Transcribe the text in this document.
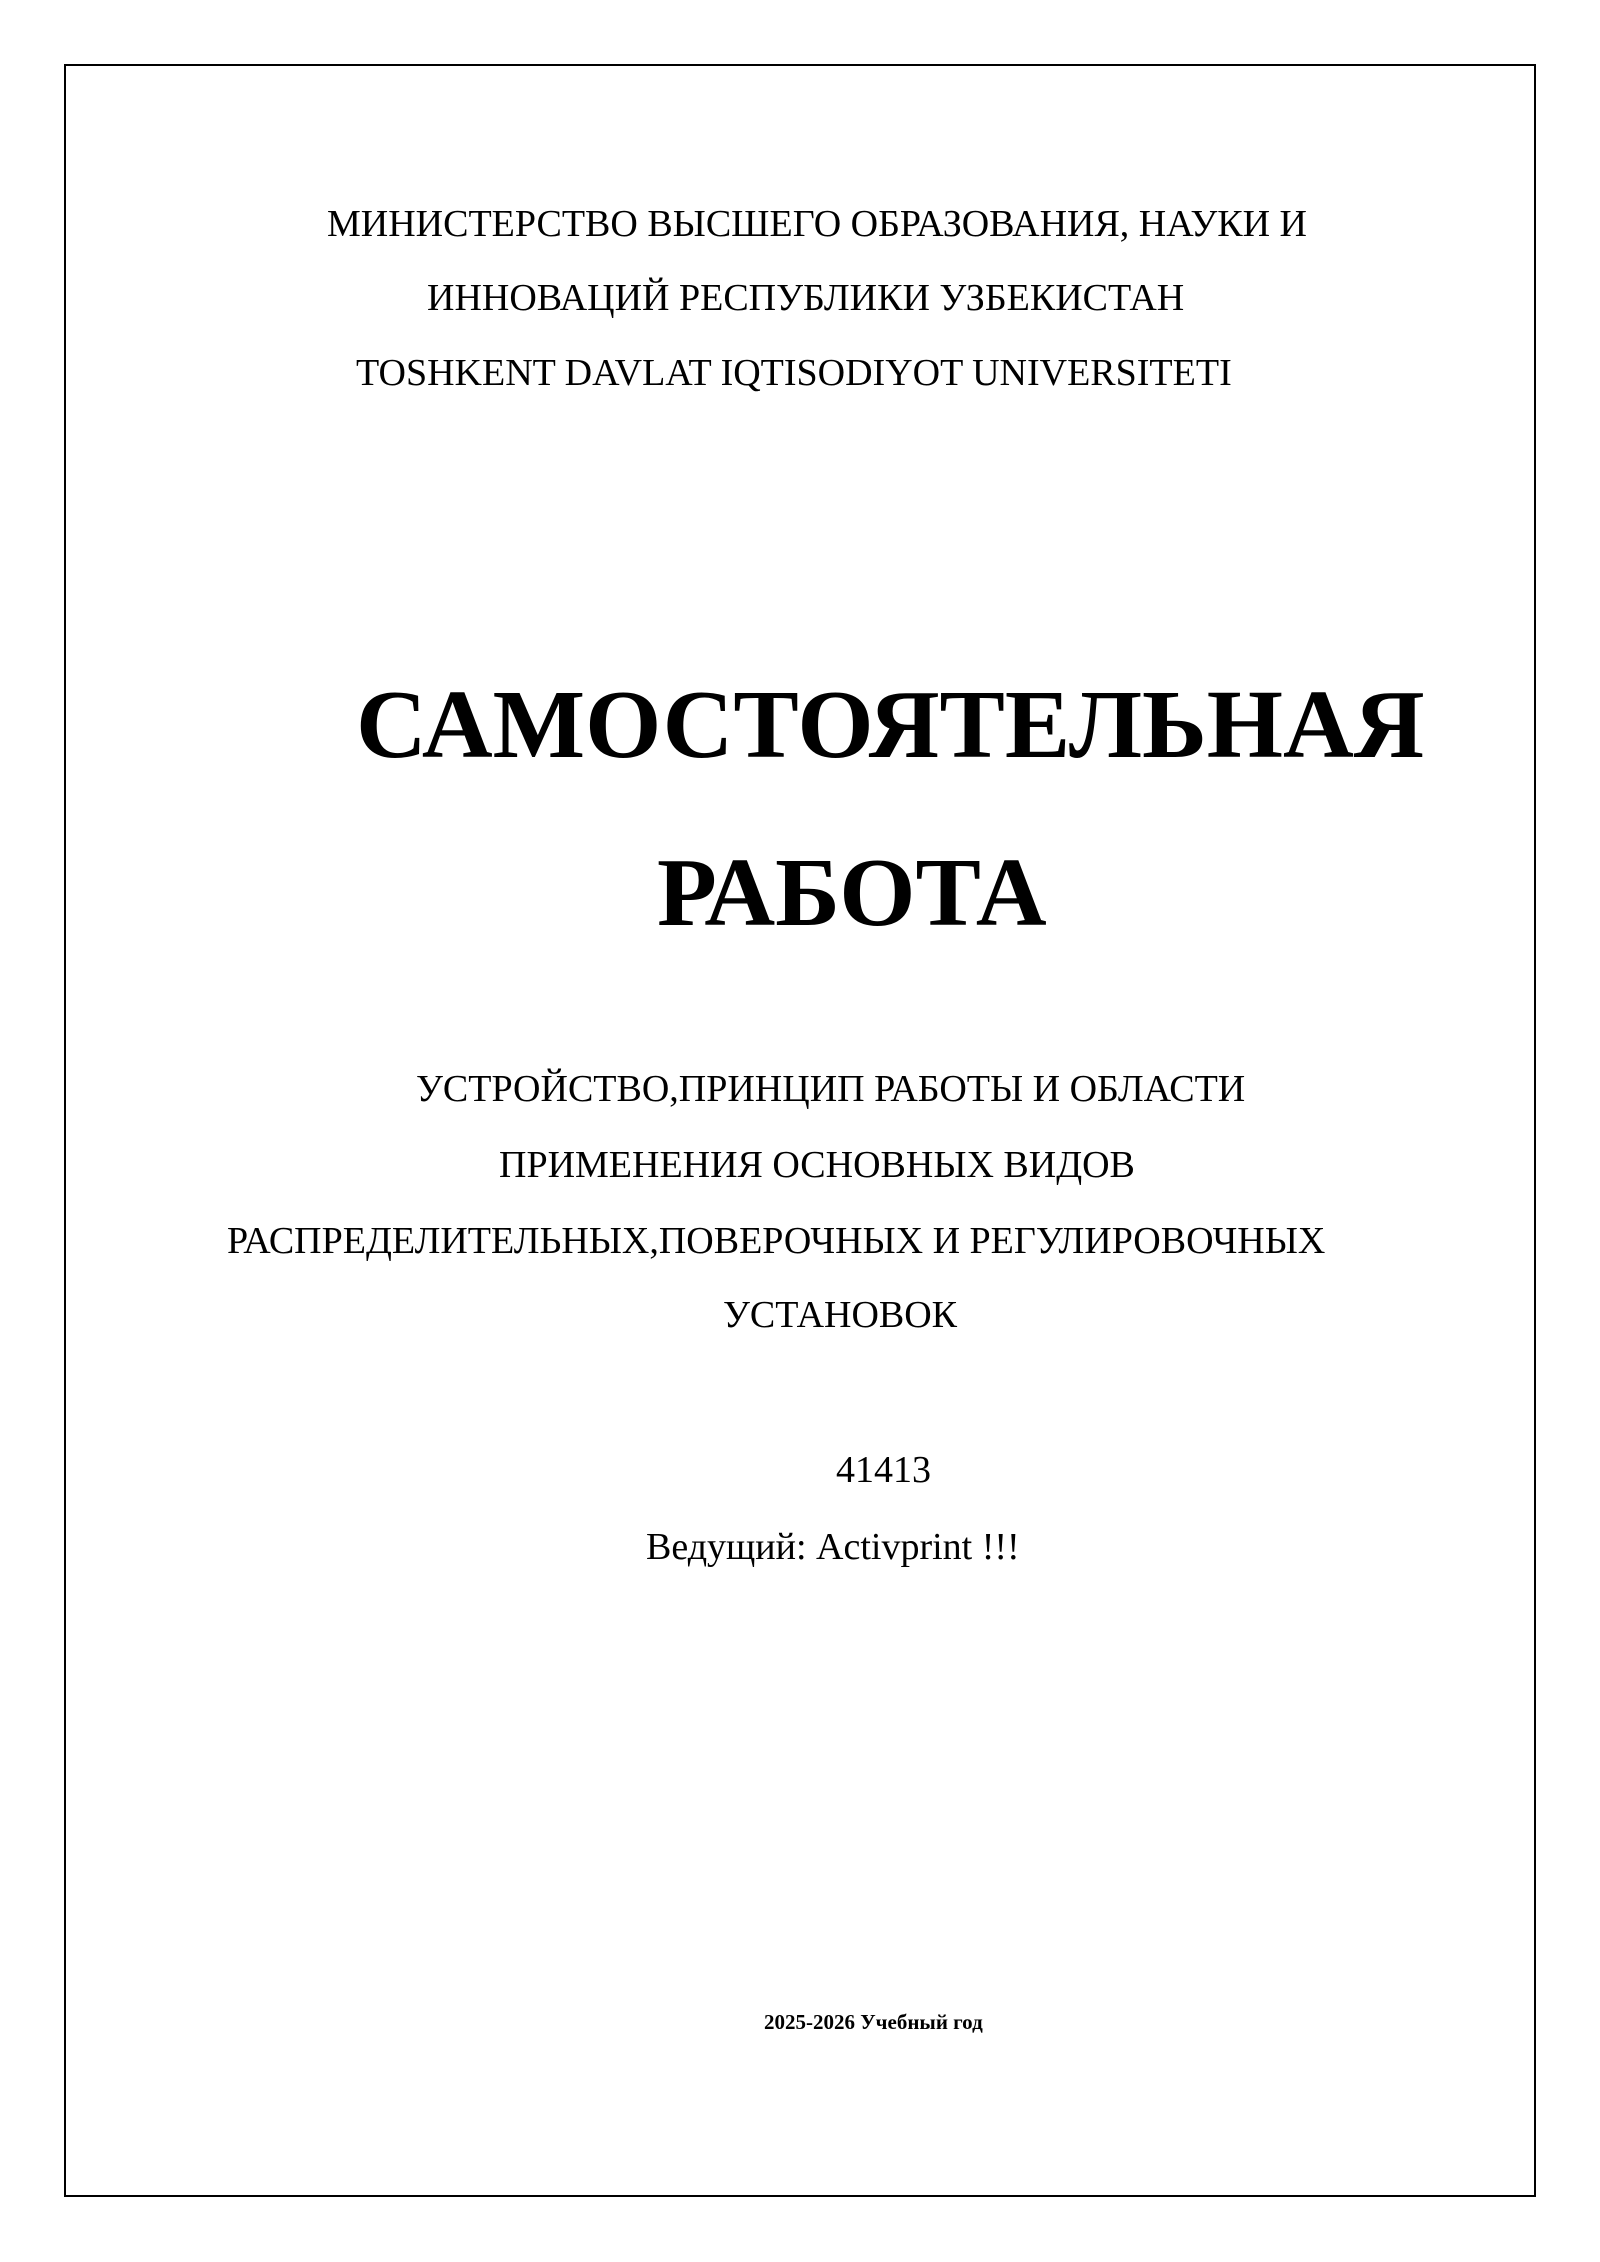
МИНИСТЕРСТВО ВЫСШЕГО ОБРАЗОВАНИЯ, НАУКИ И
ИННОВАЦИЙ РЕСПУБЛИКИ УЗБЕКИСТАН
TOSHKENT DAVLAT IQTISODIYOT UNIVERSITETI
САМОСТОЯТЕЛЬНАЯ
РАБОТА
УСТРОЙСТВО,ПРИНЦИП РАБОТЫ И ОБЛАСТИ
ПРИМЕНЕНИЯ ОСНОВНЫХ ВИДОВ
РАСПРЕДЕЛИТЕЛЬНЫХ,ПОВЕРОЧНЫХ И РЕГУЛИРОВОЧНЫХ
УСТАНОВОК
41413
Ведущий: Activprint !!!
2025-2026 Учебный год
